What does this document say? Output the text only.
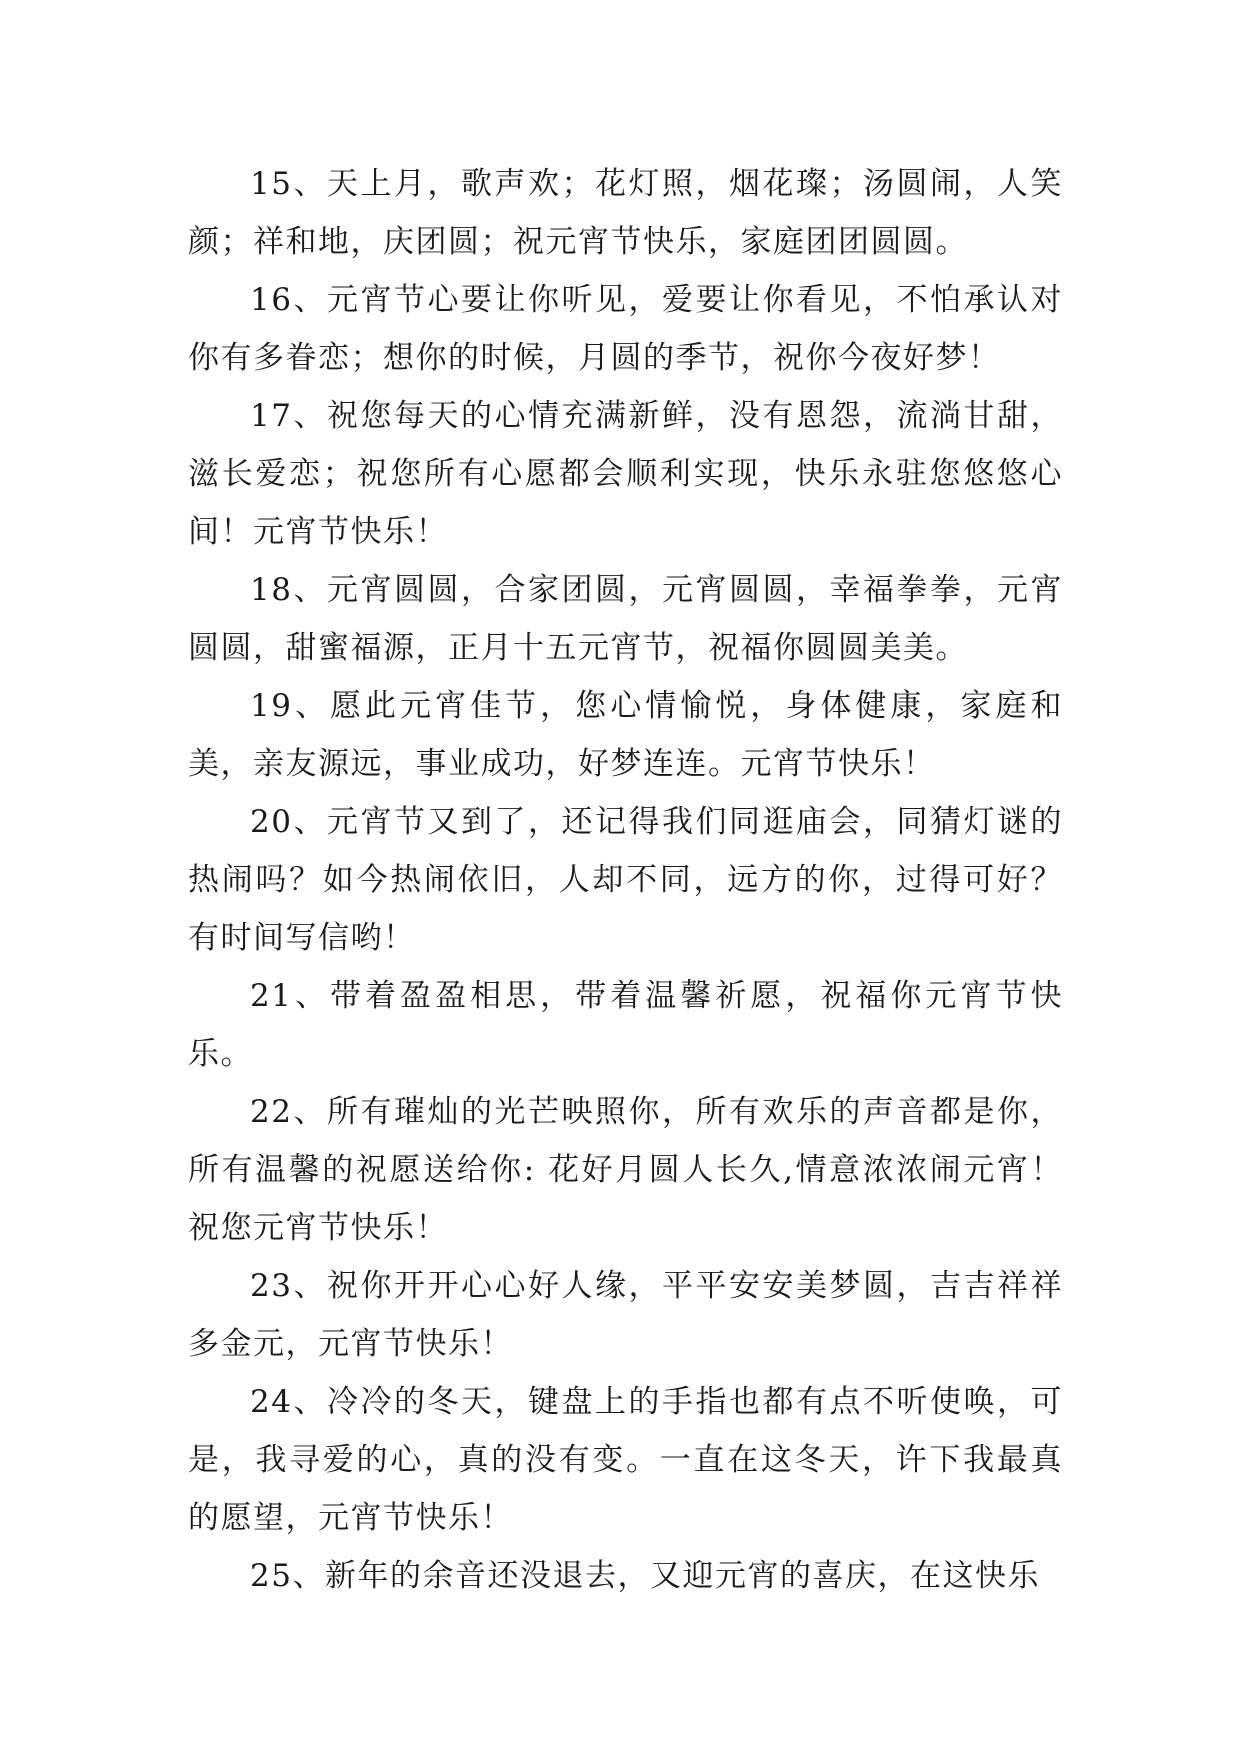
15、天上月，歌声欢；花灯照，烟花璨；汤圆闹，人笑颜；祥和地，庆团圆；祝元宵节快乐，家庭团团圆圆。

16、元宵节心要让你听见，爱要让你看见，不怕承认对你有多眷恋；想你的时候，月圆的季节，祝你今夜好梦！

17、祝您每天的心情充满新鲜，没有恩怨，流淌甘甜，滋长爱恋；祝您所有心愿都会顺利实现，快乐永驻您悠悠心间！元宵节快乐！

18、元宵圆圆，合家团圆，元宵圆圆，幸福拳拳，元宵圆圆，甜蜜福源，正月十五元宵节，祝福你圆圆美美。

19、愿此元宵佳节，您心情愉悦，身体健康，家庭和美，亲友源远，事业成功，好梦连连。元宵节快乐！

20、元宵节又到了，还记得我们同逛庙会，同猜灯谜的热闹吗？如今热闹依旧，人却不同，远方的你，过得可好？有时间写信哟！

21、带着盈盈相思，带着温馨祈愿，祝福你元宵节快乐。

22、所有璀灿的光芒映照你，所有欢乐的声音都是你，所有温馨的祝愿送给你: 花好月圆人长久,情意浓浓闹元宵！祝您元宵节快乐！

23、祝你开开心心好人缘，平平安安美梦圆，吉吉祥祥多金元，元宵节快乐！

24、冷冷的冬天，键盘上的手指也都有点不听使唤，可是，我寻爱的心，真的没有变。一直在这冬天，许下我最真的愿望，元宵节快乐！

25、新年的余音还没退去，又迎元宵的喜庆，在这快乐
